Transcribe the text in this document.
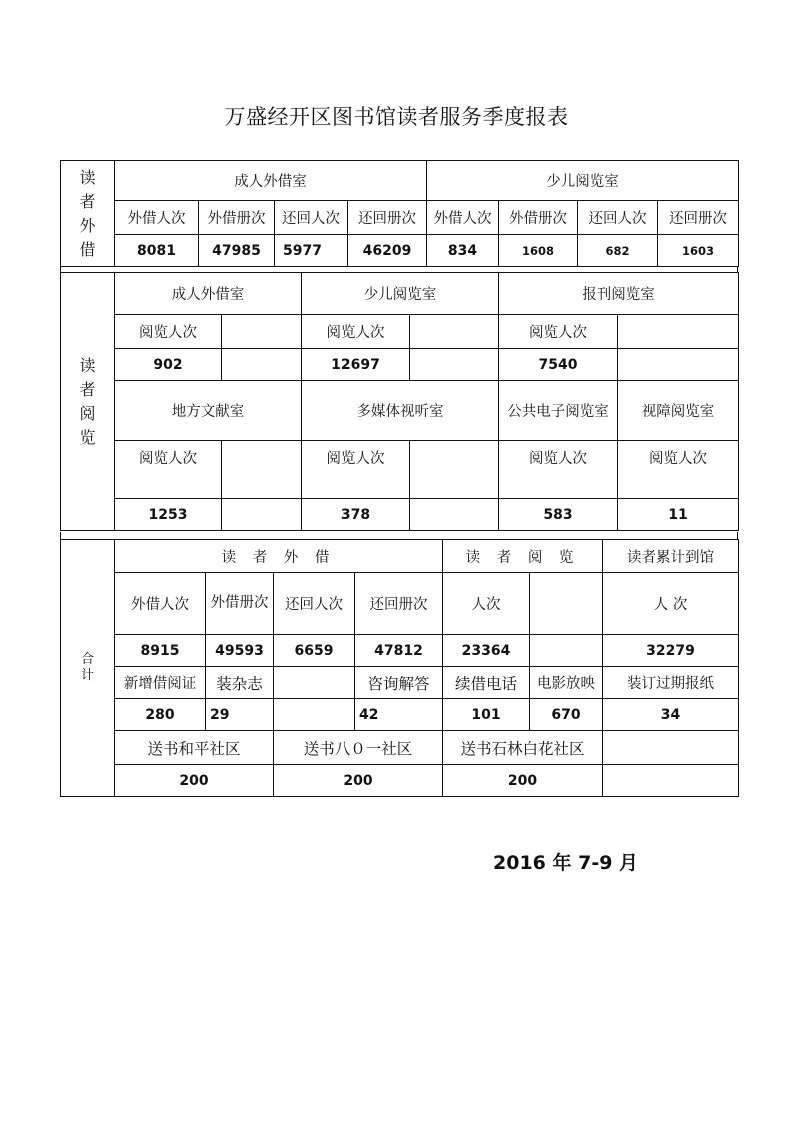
万盛经开区图书馆读者服务季度报表
读
者
外
借	成人外借室				少儿阅览室			
	外借人次	外借册次	还回人次	还回册次	外借人次	外借册次	还回人次	还回册次
	8081	47985	5977	46209	834	1608	682	1603
读
者
阅
览	成人外借室		少儿阅览室		报刊阅览室	
	阅览人次		阅览人次		阅览人次	
	902		12697		7540	
	地方文献室		多媒体视听室		公共电子阅览室	视障阅览室
	阅览人次		阅览人次		阅览人次	阅览人次
	1253		378		583	11
合
计	读 者 外 借				读 者 阅 览		读者累计到馆
	外借人次	外借册次	还回人次	还回册次	人次		人 次
	8915	49593	6659	47812	23364		32279
	新增借阅证	装杂志		咨询解答	续借电话	电影放映	装订过期报纸
	280	29		42	101	670	34
	送书和平社区		送书八０一社区		送书石林白花社区		
	200		200		200		
2016 年 7-9 月
